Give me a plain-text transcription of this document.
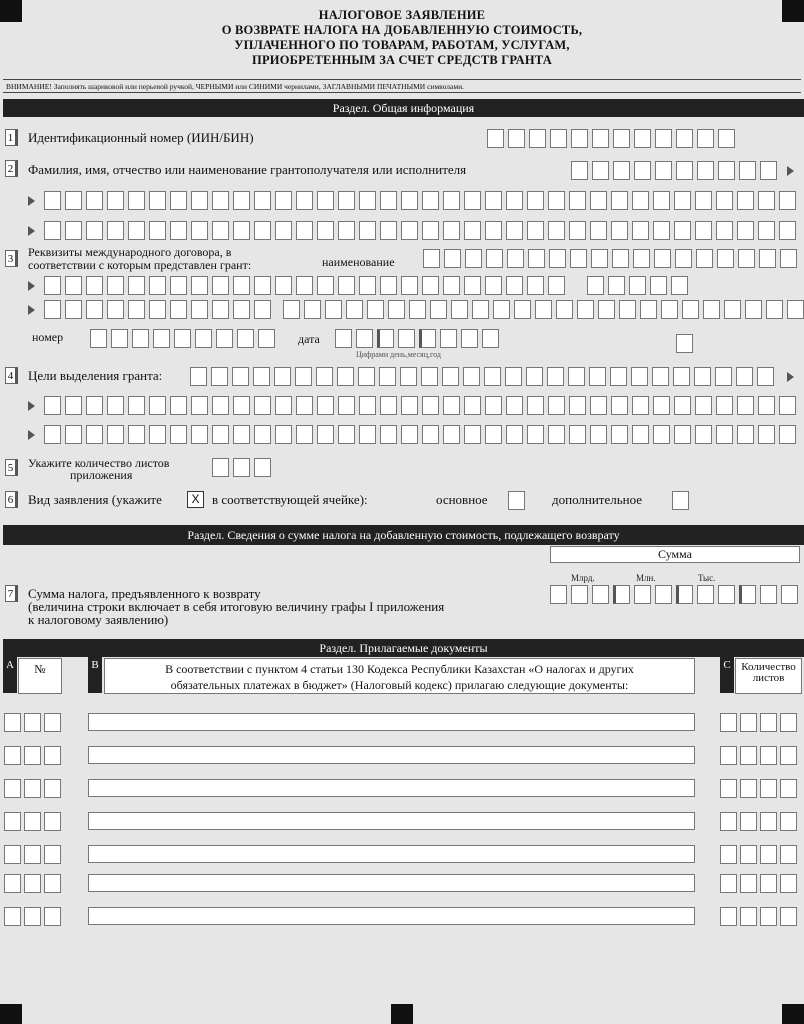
НАЛОГОВОЕ ЗАЯВЛЕНИЕ
О ВОЗВРАТЕ НАЛОГА НА ДОБАВЛЕННУЮ СТОИМОСТЬ,
УПЛАЧЕННОГО ПО ТОВАРАМ, РАБОТАМ, УСЛУГАМ,
ПРИОБРЕТЕННЫМ ЗА СЧЕТ СРЕДСТВ ГРАНТА
ВНИМАНИЕ! Заполнять шариковой или перьевой ручкой, ЧЕРНЫМИ или СИНИМИ чернилами, ЗАГЛАВНЫМИ ПЕЧАТНЫМИ символами.
Раздел. Общая информация
1	Идентификационный номер (ИИН/БИН)
2	Фамилия, имя, отчество или наименование грантополучателя или исполнителя
3	Реквизиты международного договора, в
соответствии с которым представлен грант:	наименование
номер	дата
Цифрами день,месяц,год
4	Цели выделения гранта:
5	Укажите количество листов
приложения
6	Вид заявления (укажите	X в соответствующей ячейке):	основное	дополнительное
Раздел. Сведения о сумме налога на добавленную стоимость, подлежащего возврату
Сумма
Млрд.	Млн.	Тыс.
7	Сумма налога, предъявленного к возврату
(величина строки включает в себя итоговую величину графы I приложения
к налоговому заявлению)
Раздел. Прилагаемые документы
A	№	B	В соответствии с пунктом 4 статьи 130 Кодекса Республики Казахстан «О налогах и других
обязательных платежах в бюджет» (Налоговый кодекс) прилагаю следующие документы:
C Количество
листов
